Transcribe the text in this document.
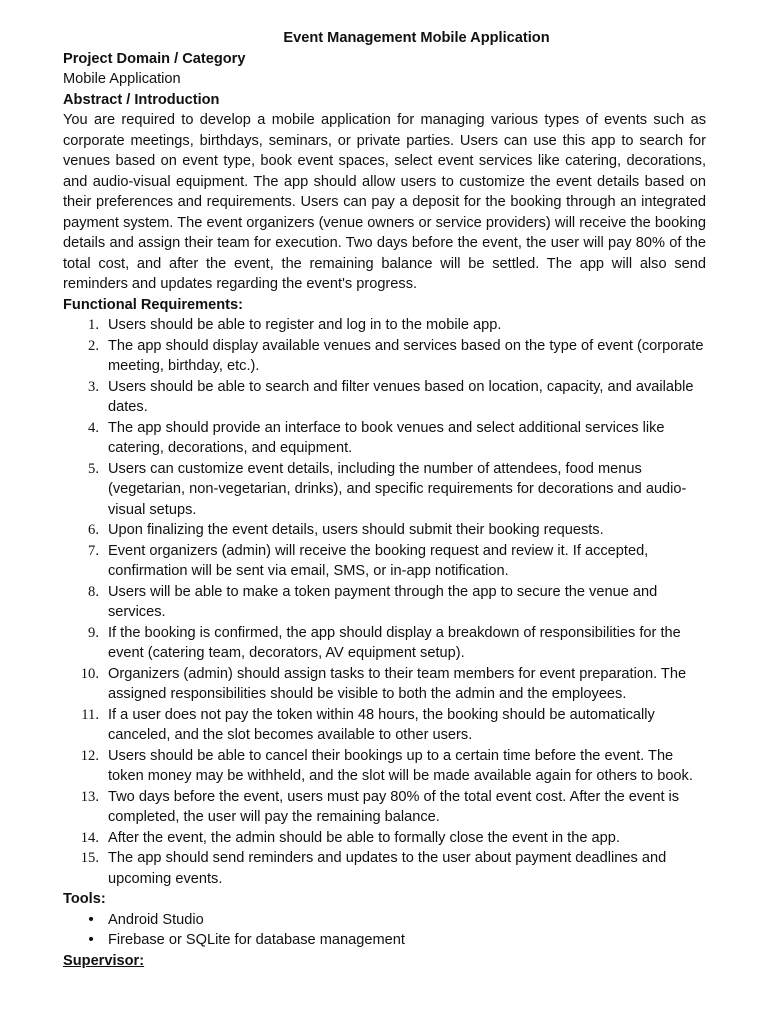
Event Management Mobile Application

Project Domain / Category

Mobile Application

Abstract / Introduction

You are required to develop a mobile application for managing various types of events such as corporate meetings, birthdays, seminars, or private parties. Users can use this app to search for venues based on event type, book event spaces, select event services like catering, decorations, and audio-visual equipment. The app should allow users to customize the event details based on their preferences and requirements. Users can pay a deposit for the booking through an integrated payment system. The event organizers (venue owners or service providers) will receive the booking details and assign their team for execution. Two days before the event, the user will pay 80% of the total cost, and after the event, the remaining balance will be settled. The app will also send reminders and updates regarding the event's progress.

Functional Requirements:

1. Users should be able to register and log in to the mobile app.
2. The app should display available venues and services based on the type of event (corporate meeting, birthday, etc.).
3. Users should be able to search and filter venues based on location, capacity, and available dates.
4. The app should provide an interface to book venues and select additional services like catering, decorations, and equipment.
5. Users can customize event details, including the number of attendees, food menus (vegetarian, non-vegetarian, drinks), and specific requirements for decorations and audio-visual setups.
6. Upon finalizing the event details, users should submit their booking requests.
7. Event organizers (admin) will receive the booking request and review it. If accepted, confirmation will be sent via email, SMS, or in-app notification.
8. Users will be able to make a token payment through the app to secure the venue and services.
9. If the booking is confirmed, the app should display a breakdown of responsibilities for the event (catering team, decorators, AV equipment setup).
10. Organizers (admin) should assign tasks to their team members for event preparation. The assigned responsibilities should be visible to both the admin and the employees.
11. If a user does not pay the token within 48 hours, the booking should be automatically canceled, and the slot becomes available to other users.
12. Users should be able to cancel their bookings up to a certain time before the event. The token money may be withheld, and the slot will be made available again for others to book.
13. Two days before the event, users must pay 80% of the total event cost. After the event is completed, the user will pay the remaining balance.
14. After the event, the admin should be able to formally close the event in the app.
15. The app should send reminders and updates to the user about payment deadlines and upcoming events.

Tools:

• Android Studio
• Firebase or SQLite for database management

Supervisor:
